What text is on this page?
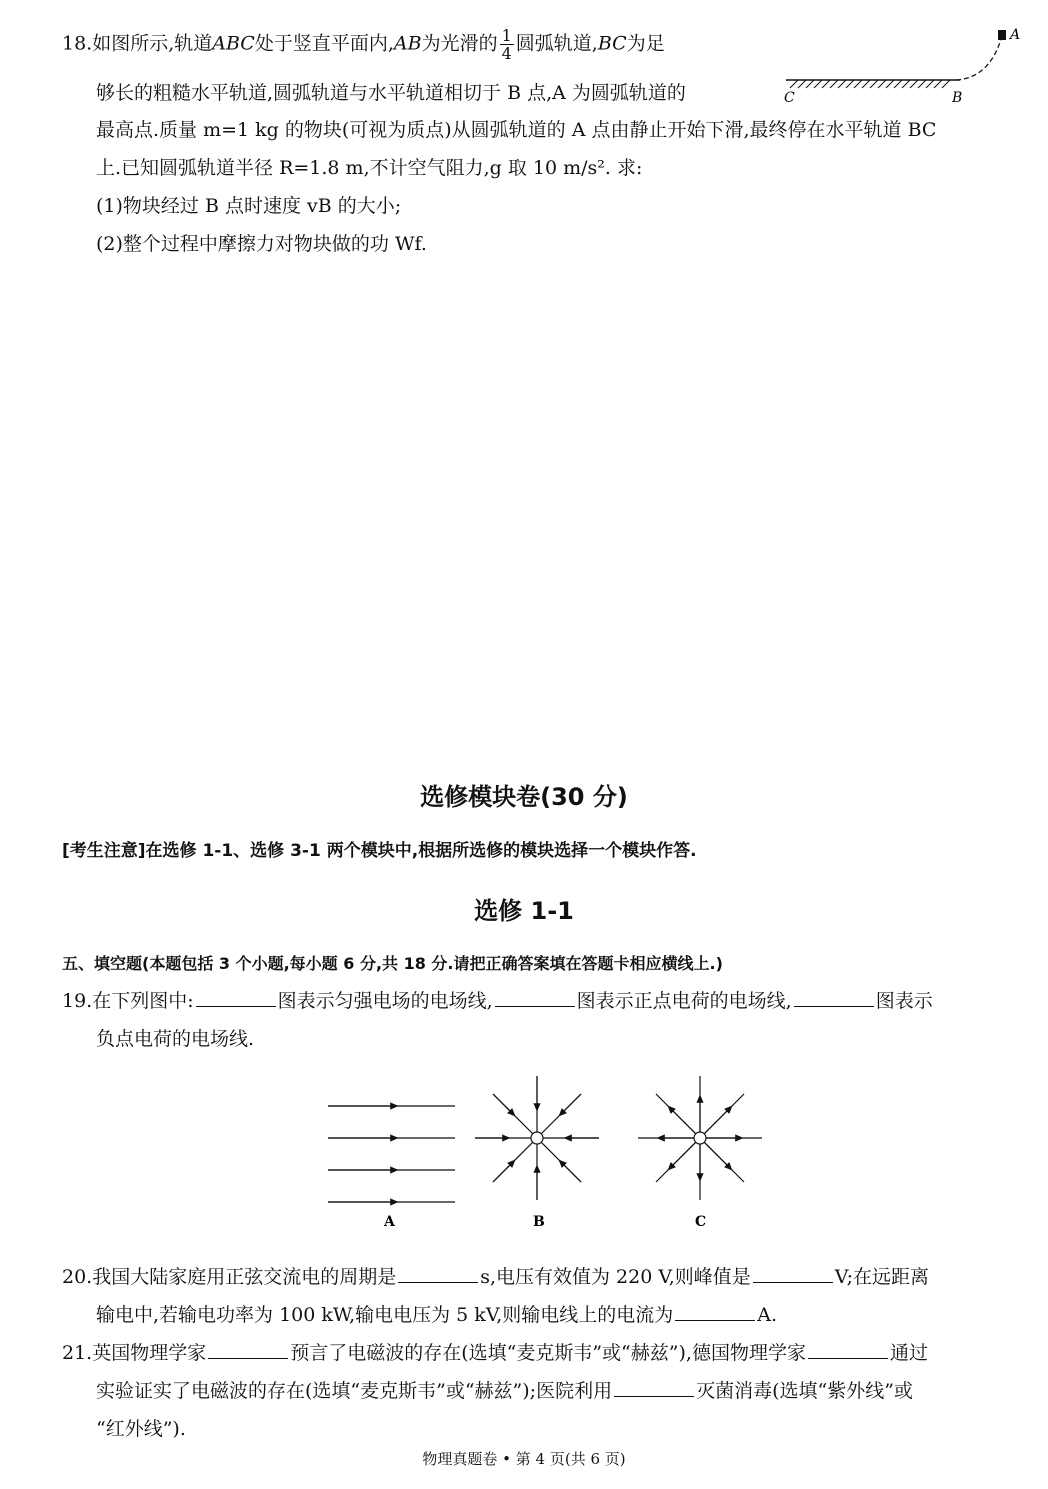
18.如图所示,轨道ABC处于竖直平面内,AB为光滑的 $\frac{1}{4}$ 圆弧轨道,BC为足
够长的粗糙水平轨道,圆弧轨道与水平轨道相切于 B 点,A 为圆弧轨道的
最高点.质量 m=1 kg 的物块(可视为质点)从圆弧轨道的 A 点由静止开始下滑,最终停在水平轨道 BC
上.已知圆弧轨道半径 R=1.8 m,不计空气阻力,g 取 10 m/s². 求:
(1)物块经过 B 点时速度 vB 的大小;
(2)整个过程中摩擦力对物块做的功 Wf.
C	B
A
选修模块卷(30 分)
[考生注意]在选修 1-1、选修 3-1 两个模块中,根据所选修的模块选择一个模块作答.
选修 1-1
五、填空题(本题包括 3 个小题,每小题 6 分,共 18 分.请把正确答案填在答题卡相应横线上.)
19.在下列图中:	图表示匀强电场的电场线,	图表示正点电荷的电场线,	图表示
负点电荷的电场线.
A	B	C
20.我国大陆家庭用正弦交流电的周期是	s,电压有效值为 220 V,则峰值是	V;在远距离
输电中,若输电功率为 100 kW,输电电压为 5 kV,则输电线上的电流为	A.
21.英国物理学家	预言了电磁波的存在(选填“麦克斯韦”或“赫兹”),德国物理学家	通过
实验证实了电磁波的存在(选填“麦克斯韦”或“赫兹”);医院利用	灭菌消毒(选填“紫外线”或
“红外线”).
物理真题卷 • 第 4 页(共 6 页)
